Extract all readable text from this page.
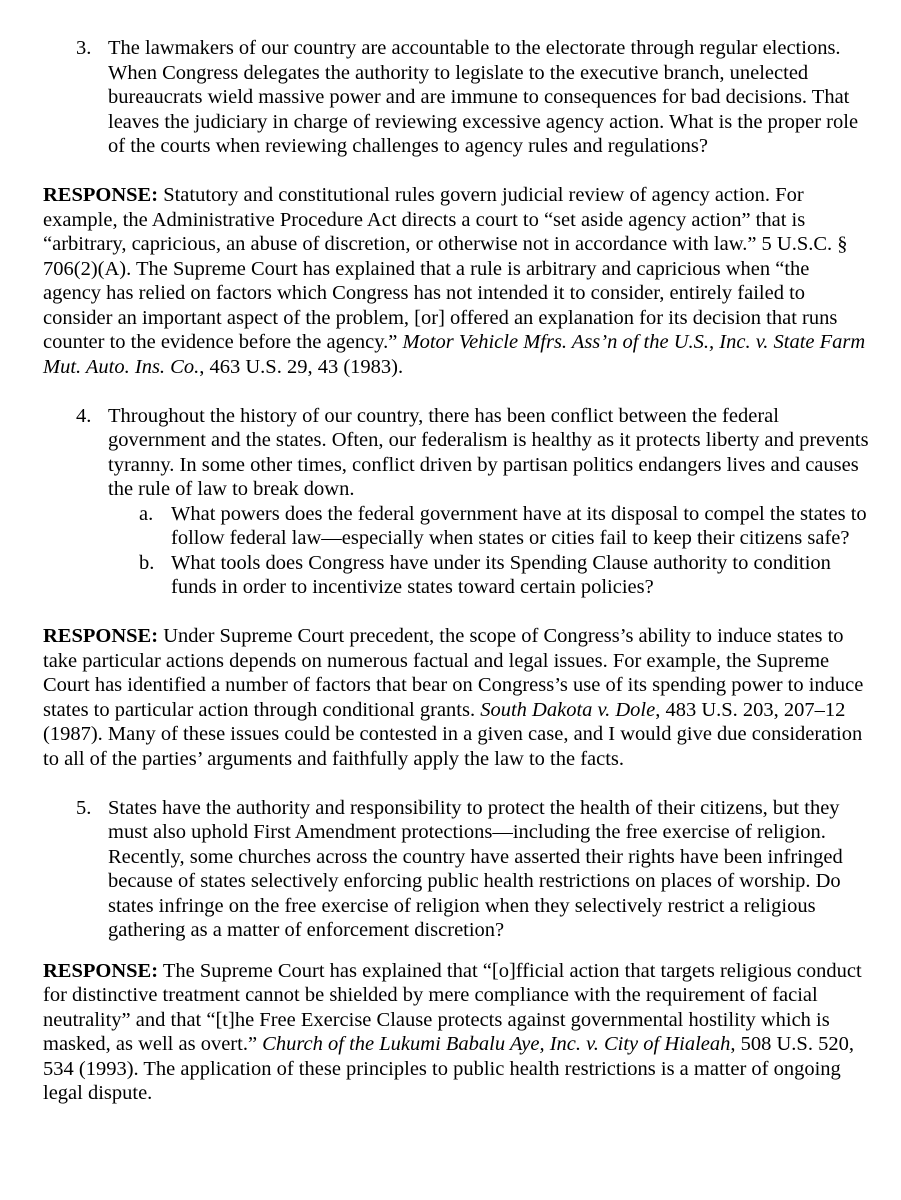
3. The lawmakers of our country are accountable to the electorate through regular elections. When Congress delegates the authority to legislate to the executive branch, unelected bureaucrats wield massive power and are immune to consequences for bad decisions. That leaves the judiciary in charge of reviewing excessive agency action. What is the proper role of the courts when reviewing challenges to agency rules and regulations?
RESPONSE: Statutory and constitutional rules govern judicial review of agency action. For example, the Administrative Procedure Act directs a court to “set aside agency action” that is “arbitrary, capricious, an abuse of discretion, or otherwise not in accordance with law.” 5 U.S.C. § 706(2)(A). The Supreme Court has explained that a rule is arbitrary and capricious when “the agency has relied on factors which Congress has not intended it to consider, entirely failed to consider an important aspect of the problem, [or] offered an explanation for its decision that runs counter to the evidence before the agency.” Motor Vehicle Mfrs. Ass’n of the U.S., Inc. v. State Farm Mut. Auto. Ins. Co., 463 U.S. 29, 43 (1983).
4. Throughout the history of our country, there has been conflict between the federal government and the states. Often, our federalism is healthy as it protects liberty and prevents tyranny. In some other times, conflict driven by partisan politics endangers lives and causes the rule of law to break down.
a. What powers does the federal government have at its disposal to compel the states to follow federal law—especially when states or cities fail to keep their citizens safe?
b. What tools does Congress have under its Spending Clause authority to condition funds in order to incentivize states toward certain policies?
RESPONSE: Under Supreme Court precedent, the scope of Congress’s ability to induce states to take particular actions depends on numerous factual and legal issues. For example, the Supreme Court has identified a number of factors that bear on Congress’s use of its spending power to induce states to particular action through conditional grants. South Dakota v. Dole, 483 U.S. 203, 207–12 (1987). Many of these issues could be contested in a given case, and I would give due consideration to all of the parties’ arguments and faithfully apply the law to the facts.
5. States have the authority and responsibility to protect the health of their citizens, but they must also uphold First Amendment protections—including the free exercise of religion. Recently, some churches across the country have asserted their rights have been infringed because of states selectively enforcing public health restrictions on places of worship. Do states infringe on the free exercise of religion when they selectively restrict a religious gathering as a matter of enforcement discretion?
RESPONSE: The Supreme Court has explained that “[o]fficial action that targets religious conduct for distinctive treatment cannot be shielded by mere compliance with the requirement of facial neutrality” and that “[t]he Free Exercise Clause protects against governmental hostility which is masked, as well as overt.” Church of the Lukumi Babalu Aye, Inc. v. City of Hialeah, 508 U.S. 520, 534 (1993). The application of these principles to public health restrictions is a matter of ongoing legal dispute.
